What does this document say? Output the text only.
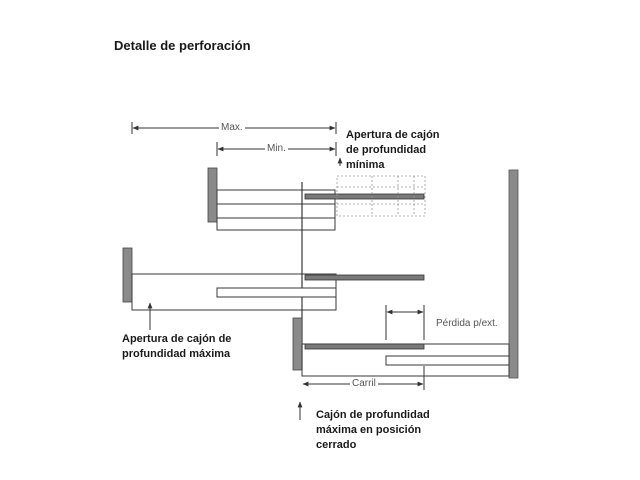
Detalle de perforación
Max.
Min.
Pérdida p/ext.
Carril
Apertura de cajón
de profundidad
mínima
Apertura de cajón de
profundidad máxima
Cajón de profundidad
máxima en posición
cerrado
